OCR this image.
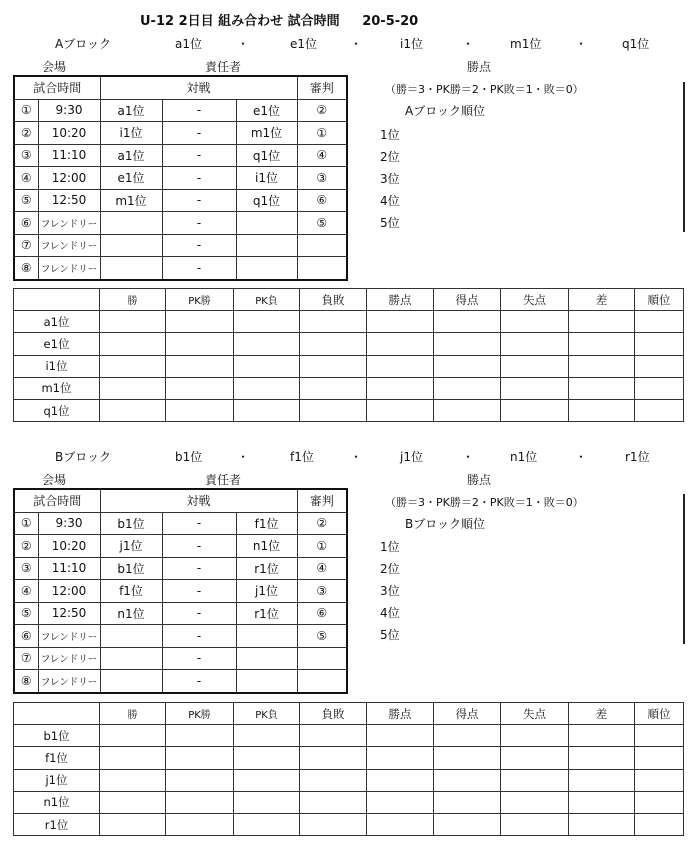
U-12 2日目 組み合わせ 試合時間 20-5-20
Aブロック	a1位	・	e1位	・	i1位	・	m1位	・	q1位
会場	責任者	勝点
（勝＝3・PK勝＝2・PK敗＝1・敗＝0）
Aブロック順位
1位
2位
3位
4位
5位
試合時間		対戦			審判
①	9:30	a1位	-	e1位	②
②	10:20	i1位	-	m1位	①
③	11:10	a1位	-	q1位	④
④	12:00	e1位	-	i1位	③
⑤	12:50	m1位	-	q1位	⑥
⑥	フレンドリー		-		⑤
⑦	フレンドリー		-		
⑧	フレンドリー		-		
	勝	PK勝	PK負	負敗	勝点	得点	失点	差	順位
a1位									
e1位									
i1位									
m1位									
q1位									
Bブロック	b1位	・	f1位	・	j1位	・	n1位	・	r1位
会場	責任者	勝点
（勝＝3・PK勝＝2・PK敗＝1・敗＝0）
Bブロック順位
1位
2位
3位
4位
5位
試合時間		対戦			審判
①	9:30	b1位	-	f1位	②
②	10:20	j1位	-	n1位	①
③	11:10	b1位	-	r1位	④
④	12:00	f1位	-	j1位	③
⑤	12:50	n1位	-	r1位	⑥
⑥	フレンドリー		-		⑤
⑦	フレンドリー		-		
⑧	フレンドリー		-		
	勝	PK勝	PK負	負敗	勝点	得点	失点	差	順位
b1位									
f1位									
j1位									
n1位									
r1位									
